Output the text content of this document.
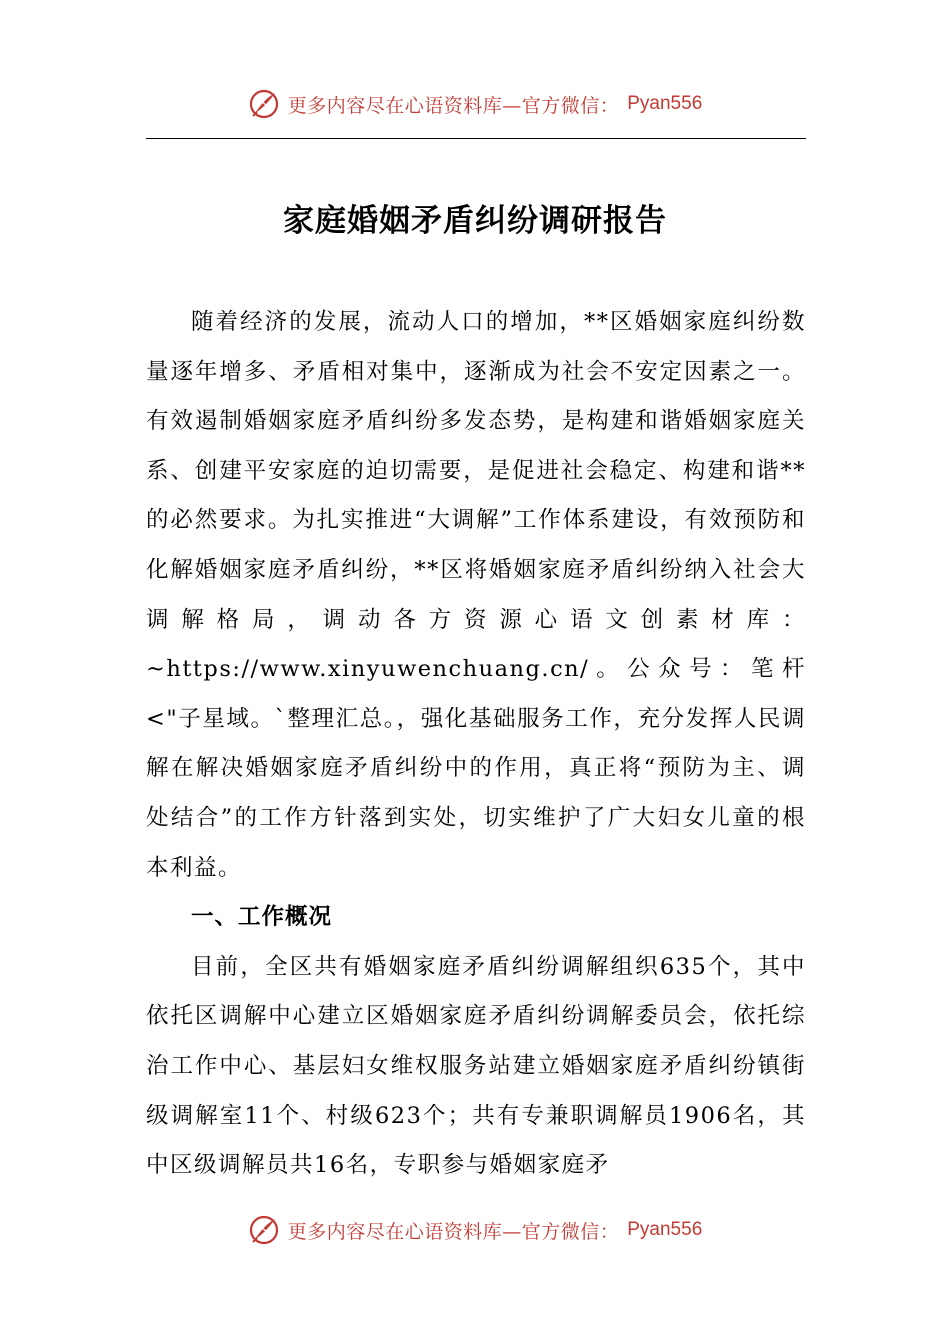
更多内容尽在心语资料库—官方微信： Pyan556
家庭婚姻矛盾纠纷调研报告

随着经济的发展，流动人口的增加，**区婚姻家庭纠纷数量逐年增多、矛盾相对集中，逐渐成为社会不安定因素之一。有效遏制婚姻家庭矛盾纠纷多发态势，是构建和谐婚姻家庭关系、创建平安家庭的迫切需要，是促进社会稳定、构建和谐**的必然要求。为扎实推进“大调解”工作体系建设，有效预防和化解婚姻家庭矛盾纠纷，**区将婚姻家庭矛盾纠纷纳入社会大调解格局，调动各方资源心语文创素材库：~https://www.xinyuwenchuang.cn/。公众号：笔杆<"子星域。`整理汇总。，强化基础服务工作，充分发挥人民调解在解决婚姻家庭矛盾纠纷中的作用，真正将“预防为主、调处结合”的工作方针落到实处，切实维护了广大妇女儿童的根本利益。

一、工作概况

目前，全区共有婚姻家庭矛盾纠纷调解组织635个，其中依托区调解中心建立区婚姻家庭矛盾纠纷调解委员会，依托综治工作中心、基层妇女维权服务站建立婚姻家庭矛盾纠纷镇街级调解室11个、村级623个；共有专兼职调解员1906名，其中区级调解员共16名，专职参与婚姻家庭矛

更多内容尽在心语资料库—官方微信： Pyan556
